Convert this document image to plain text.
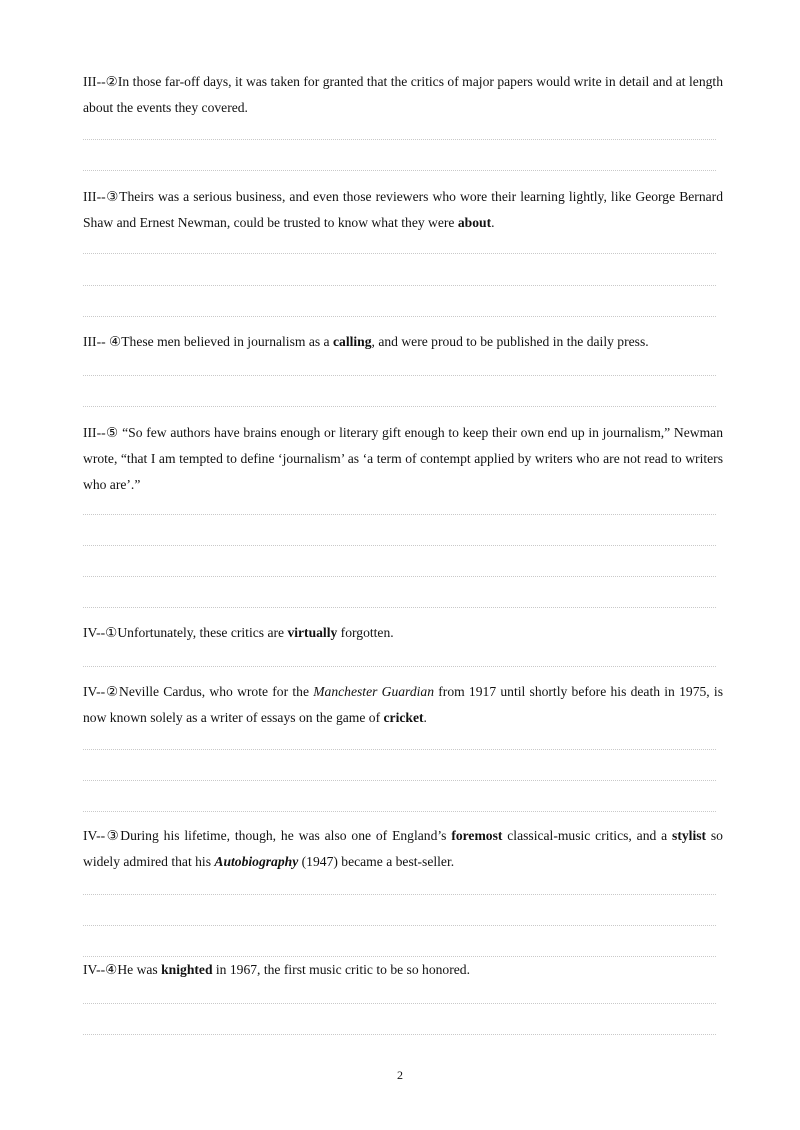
III--②In those far-off days, it was taken for granted that the critics of major papers would write in detail and at length about the events they covered.

III--③Theirs was a serious business, and even those reviewers who wore their learning lightly, like George Bernard Shaw and Ernest Newman, could be trusted to know what they were about.

III-- ④These men believed in journalism as a calling, and were proud to be published in the daily press.

III--⑤ “So few authors have brains enough or literary gift enough to keep their own end up in journalism,” Newman wrote, “that I am tempted to define ‘journalism’ as ‘a term of contempt applied by writers who are not read to writers who are’.”

IV--①Unfortunately, these critics are virtually forgotten.

IV--②Neville Cardus, who wrote for the Manchester Guardian from 1917 until shortly before his death in 1975, is now known solely as a writer of essays on the game of cricket.

IV--③During his lifetime, though, he was also one of England’s foremost classical-music critics, and a stylist so widely admired that his Autobiography (1947) became a best-seller.

IV--④He was knighted in 1967, the first music critic to be so honored.

2
